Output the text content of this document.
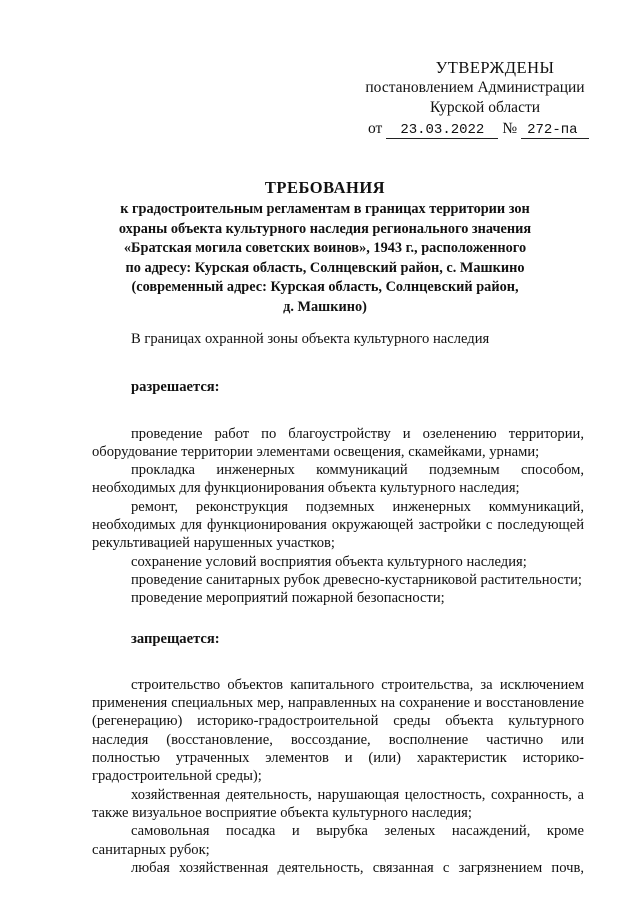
УТВЕРЖДЕНЫ
постановлением Администрации
Курской области
от	23.03.2022	№ 272-па
ТРЕБОВАНИЯ
к градостроительным регламентам в границах территории зон
охраны объекта культурного наследия регионального значения
«Братская могила советских воинов», 1943 г., расположенного
по адресу: Курская область, Солнцевский район, с. Машкино
(современный адрес: Курская область, Солнцевский район,
д. Машкино)

В границах охранной зоны объекта культурного наследия

разрешается:

проведение работ по благоустройству и озеленению территории, оборудование территории элементами освещения, скамейками, урнами;

прокладка инженерных коммуникаций подземным способом, необходимых для функционирования объекта культурного наследия;

ремонт, реконструкция подземных инженерных коммуникаций, необходимых для функционирования окружающей застройки с последующей рекультивацией нарушенных участков;

сохранение условий восприятия объекта культурного наследия;

проведение санитарных рубок древесно-кустарниковой растительности;

проведение мероприятий пожарной безопасности;

запрещается:

строительство объектов капитального строительства, за исключением применения специальных мер, направленных на сохранение и восстановление (регенерацию) историко-градостроительной среды объекта культурного наследия (восстановление, воссоздание, восполнение частично или полностью утраченных элементов и (или) характеристик историко-градостроительной среды);

хозяйственная деятельность, нарушающая целостность, сохранность, а также визуальное восприятие объекта культурного наследия;

самовольная посадка и вырубка зеленых насаждений, кроме санитарных рубок;

любая хозяйственная деятельность, связанная с загрязнением почв,
